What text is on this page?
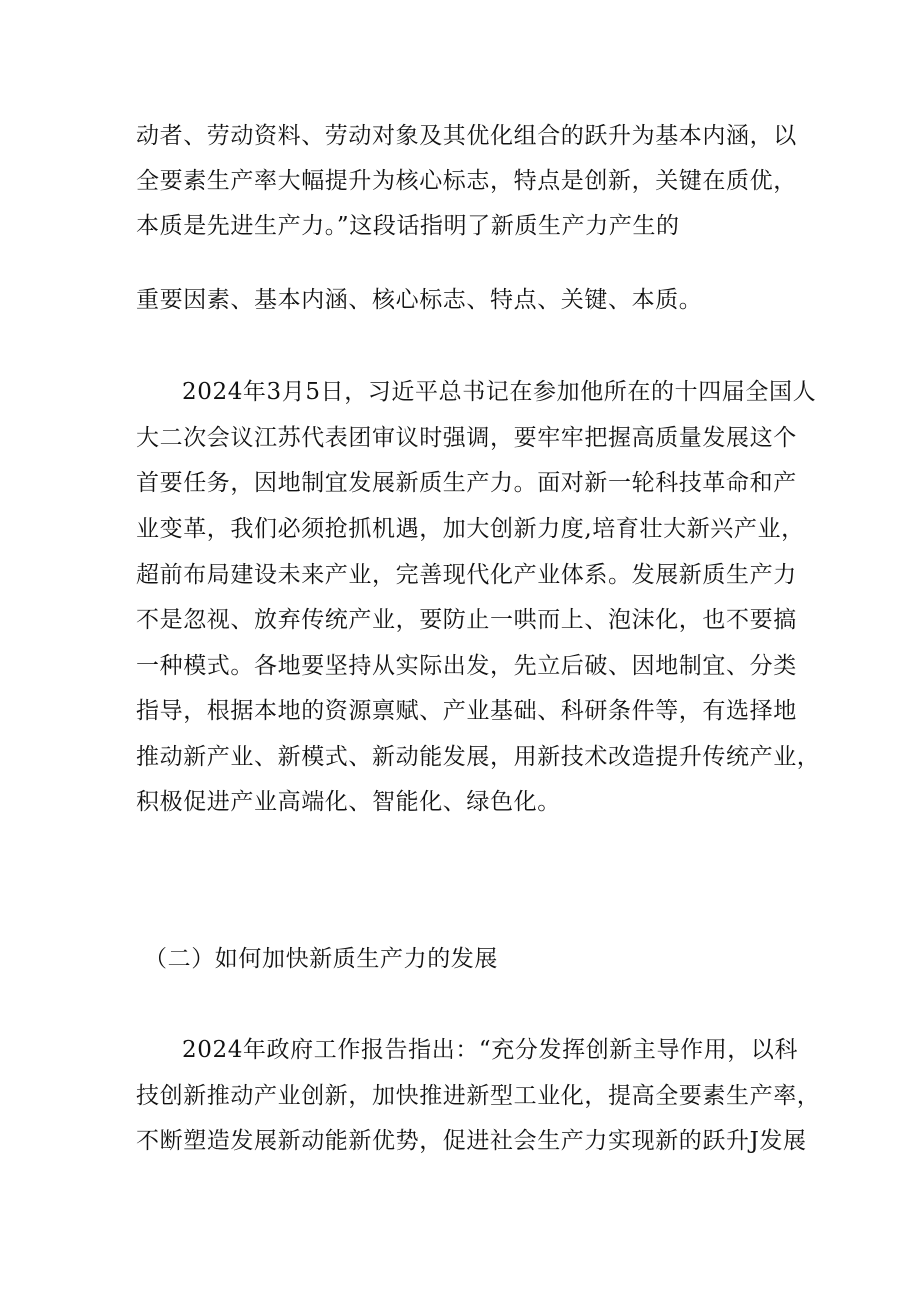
动者、劳动资料、劳动对象及其优化组合的跃升为基本内涵，以
全要素生产率大幅提升为核心标志，特点是创新，关键在质优，
本质是先进生产力。”这段话指明了新质生产力产生的
重要因素、基本内涵、核心标志、特点、关键、本质。
2024年3月5日，习近平总书记在参加他所在的十四届全国人
大二次会议江苏代表团审议时强调，要牢牢把握高质量发展这个
首要任务，因地制宜发展新质生产力。面对新一轮科技革命和产
业变革，我们必须抢抓机遇，加大创新力度,培育壮大新兴产业，
超前布局建设未来产业，完善现代化产业体系。发展新质生产力
不是忽视、放弃传统产业，要防止一哄而上、泡沫化，也不要搞
一种模式。各地要坚持从实际出发，先立后破、因地制宜、分类
指导，根据本地的资源禀赋、产业基础、科研条件等，有选择地
推动新产业、新模式、新动能发展，用新技术改造提升传统产业，
积极促进产业高端化、智能化、绿色化。
（二）如何加快新质生产力的发展
2024年政府工作报告指出：“充分发挥创新主导作用，以科
技创新推动产业创新，加快推进新型工业化，提高全要素生产率，
不断塑造发展新动能新优势，促进社会生产力实现新的跃升J发展
